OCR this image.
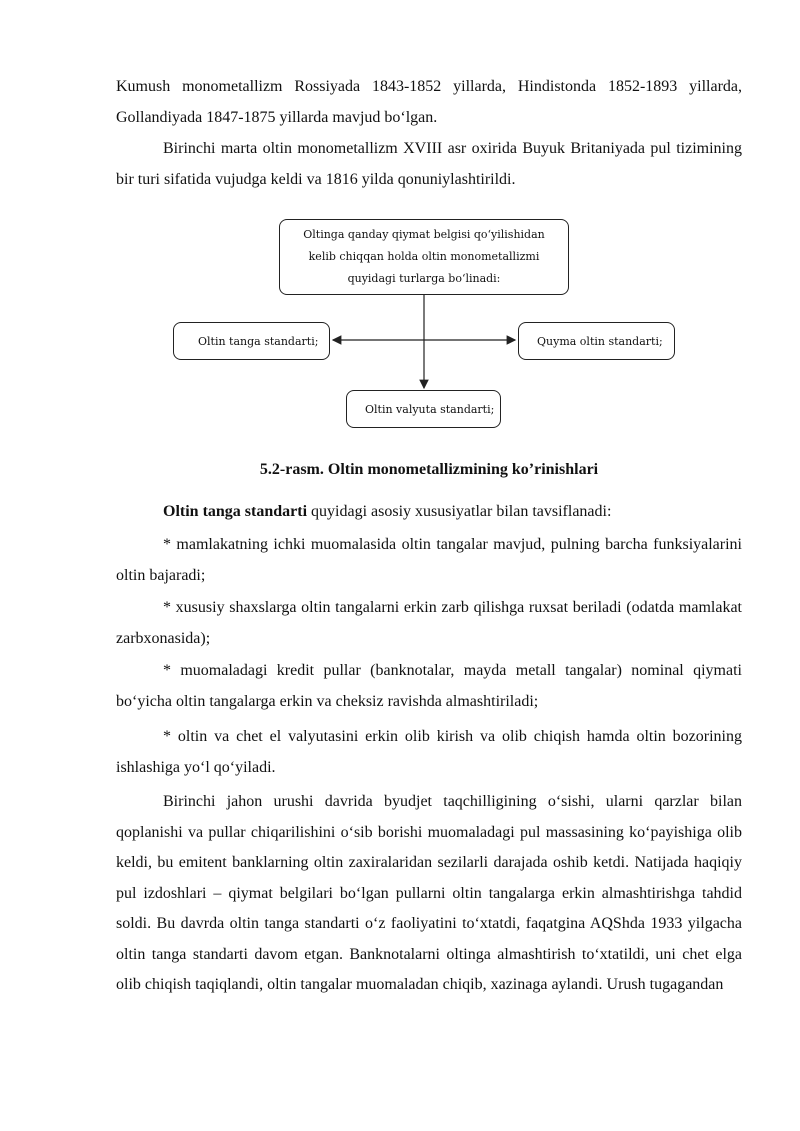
Kumush monometallizm Rossiyada 1843-1852 yillarda, Hindistonda 1852-1893 yillarda, Gollandiyada 1847-1875 yillarda mavjud bo‘lgan.

Birinchi marta oltin monometallizm XVIII asr oxirida Buyuk Britaniyada pul tizimining bir turi sifatida vujudga keldi va 1816 yilda qonuniylashtirildi.

Oltinga qanday qiymat belgisi qo‘yilishidan kelib chiqqan holda oltin monometallizmi quyidagi turlarga bo‘linadi:
Oltin tanga standarti;	Quyma oltin standarti;
Oltin valyuta standarti;

5.2-rasm. Oltin monometallizmining ko’rinishlari

Oltin tanga standarti quyidagi asosiy xususiyatlar bilan tavsiflanadi:

* mamlakatning ichki muomalasida oltin tangalar mavjud, pulning barcha funksiyalarini oltin bajaradi;

* xususiy shaxslarga oltin tangalarni erkin zarb qilishga ruxsat beriladi (odatda mamlakat zarbxonasida);

* muomaladagi kredit pullar (banknotalar, mayda metall tangalar) nominal qiymati bo‘yicha oltin tangalarga erkin va cheksiz ravishda almashtiriladi;

* oltin va chet el valyutasini erkin olib kirish va olib chiqish hamda oltin bozorining ishlashiga yo‘l qo‘yiladi.

Birinchi jahon urushi davrida byudjet taqchilligining o‘sishi, ularni qarzlar bilan qoplanishi va pullar chiqarilishini o‘sib borishi muomaladagi pul massasining ko‘payishiga olib keldi, bu emitent banklarning oltin zaxiralaridan sezilarli darajada oshib ketdi. Natijada haqiqiy pul izdoshlari – qiymat belgilari bo‘lgan pullarni oltin tangalarga erkin almashtirishga tahdid soldi. Bu davrda oltin tanga standarti o‘z faoliyatini to‘xtatdi, faqatgina AQShda 1933 yilgacha oltin tanga standarti davom etgan. Banknotalarni oltinga almashtirish to‘xtatildi, uni chet elga olib chiqish taqiqlandi, oltin tangalar muomaladan chiqib, xazinaga aylandi. Urush tugagandan
